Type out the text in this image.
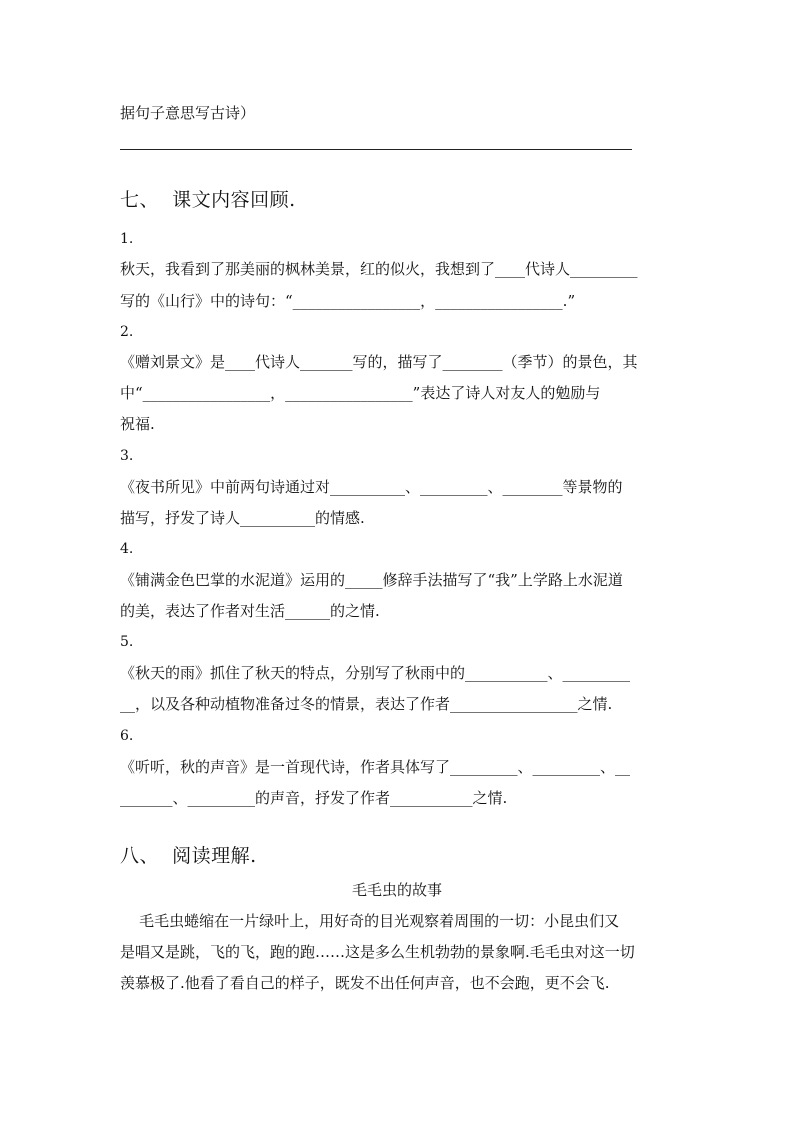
据句子意思写古诗）
七、  课文内容回顾.
1.
秋天，我看到了那美丽的枫林美景，红的似火，我想到了____代诗人_________
写的《山行》中的诗句：“_________________，_________________.”
2.
《赠刘景文》是____代诗人_______写的，描写了________（季节）的景色，其
中“_________________，_________________”表达了诗人对友人的勉励与
祝福.
3.
《夜书所见》中前两句诗通过对__________、_________、________等景物的
描写，抒发了诗人__________的情感.
4.
《铺满金色巴掌的水泥道》运用的_____修辞手法描写了“我”上学路上水泥道
的美，表达了作者对生活______的之情.
5.
《秋天的雨》抓住了秋天的特点，分别写了秋雨中的___________、_________
__，以及各种动植物准备过冬的情景，表达了作者_________________之情.
6.
《听听，秋的声音》是一首现代诗，作者具体写了_________、_________、__
_______、_________的声音，抒发了作者___________之情.
八、  阅读理解.
毛毛虫的故事
毛毛虫蜷缩在一片绿叶上，用好奇的目光观察着周围的一切：小昆虫们又
是唱又是跳，飞的飞，跑的跑……这是多么生机勃勃的景象啊.毛毛虫对这一切
羡慕极了.他看了看自己的样子，既发不出任何声音，也不会跑，更不会飞.
